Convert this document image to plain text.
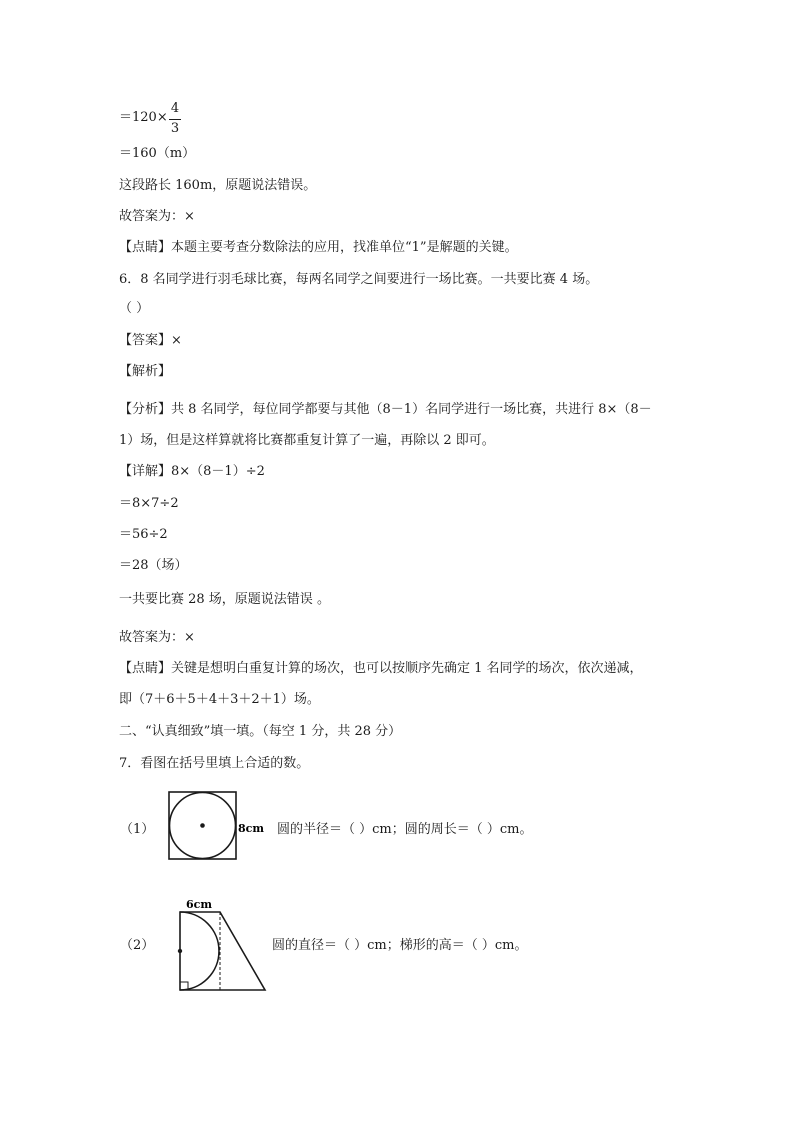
＝120×
4
3
＝160（m）
这段路长 160m，原题说法错误。
故答案为：×
【点睛】本题主要考查分数除法的应用，找准单位“1”是解题的关键。
6．8 名同学进行羽毛球比赛，每两名同学之间要进行一场比赛。一共要比赛 4 场。
（ ）
【答案】×
【解析】
【分析】共 8 名同学，每位同学都要与其他（8－1）名同学进行一场比赛，共进行 8×（8－
1）场，但是这样算就将比赛都重复计算了一遍，再除以 2 即可。
【详解】8×（8－1）÷2
＝8×7÷2
＝56÷2
＝28（场）
一共要比赛 28 场，原题说法错误 。
故答案为：×
【点睛】关键是想明白重复计算的场次，也可以按顺序先确定 1 名同学的场次，依次递减，
即（7＋6＋5＋4＋3＋2＋1）场。
二、“认真细致”填一填。（每空 1 分，共 28 分）
7．看图在括号里填上合适的数。
（1）	8cm 圆的半径＝（ ）cm；圆的周长＝（ ）cm。
（2）
6cm
圆的直径＝（ ）cm；梯形的高＝（ ）cm。
